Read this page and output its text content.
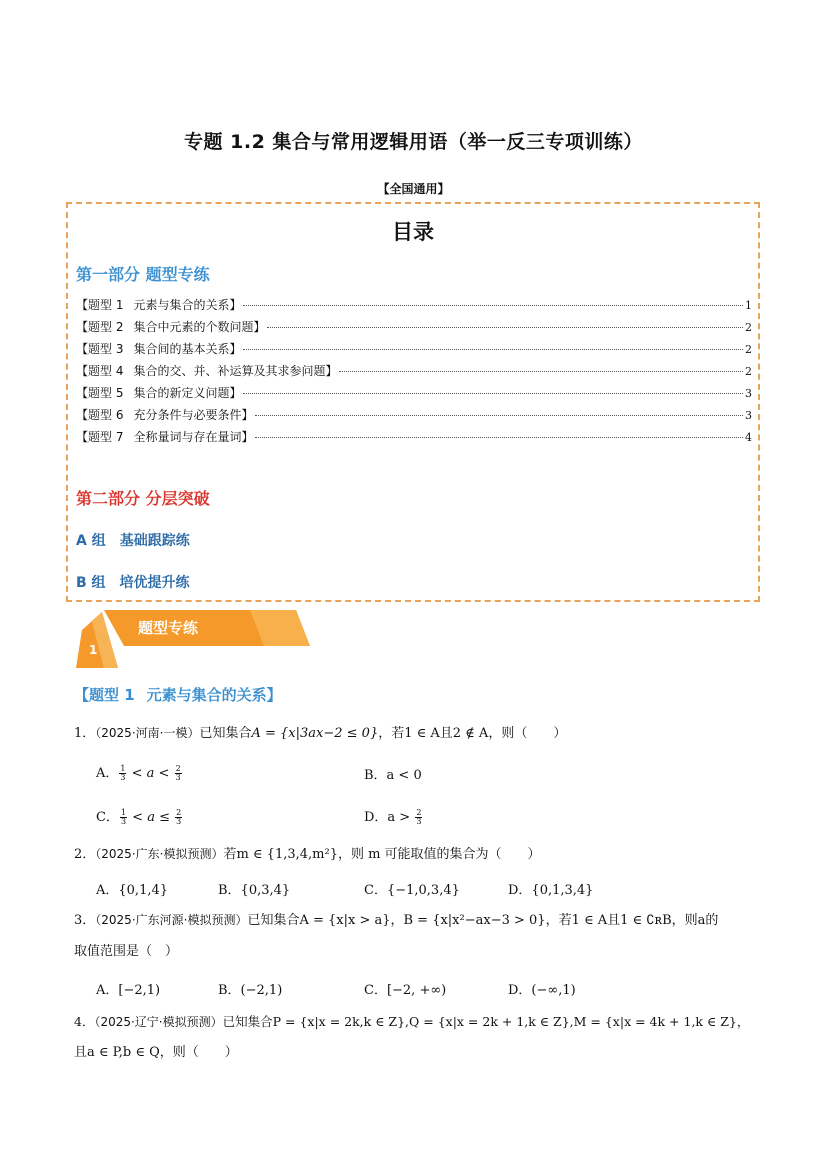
专题 1.2 集合与常用逻辑用语（举一反三专项训练）
【全国通用】
目录
第一部分 题型专练
【题型 1 元素与集合的关系】	1
【题型 2 集合中元素的个数问题】	2
【题型 3 集合间的基本关系】	2
【题型 4 集合的交、并、补运算及其求参问题】	2
【题型 5 集合的新定义问题】	3
【题型 6 充分条件与必要条件】	3
【题型 7 全称量词与存在量词】	4
第二部分 分层突破
A 组 基础跟踪练
B 组 培优提升练
题型专练
1
【题型 1 元素与集合的关系】
1．（2025·河南·一模）已知集合A = {x|3ax−2 ≤ 0}，若1 ∈ A且2 ∉ A，则（　　）
A． $\frac{1}{3} < a < \frac{2}{3}$	B．a < 0
C． $\frac{1}{3} < a \le \frac{2}{3}$	D．$a > \frac{2}{3}$
2．（2025·广东·模拟预测）若m ∈ {1,3,4,m²}，则 m 可能取值的集合为（　　）
A．{0,1,4}	B．{0,3,4}	C．{−1,0,3,4}	D．{0,1,3,4}
3．（2025·广东河源·模拟预测）已知集合A = {x|x > a}，B = {x|x²−ax−3 > 0}，若1 ∈ A且1 ∈ ∁ʀB，则a的
取值范围是（　）
A．[−2,1)	B．(−2,1)	C．[−2, +∞)	D．(−∞,1)
4．（2025·辽宁·模拟预测）已知集合P = {x|x = 2k,k ∈ Z},Q = {x|x = 2k + 1,k ∈ Z},M = {x|x = 4k + 1,k ∈ Z}，
且a ∈ P,b ∈ Q，则（　　）
